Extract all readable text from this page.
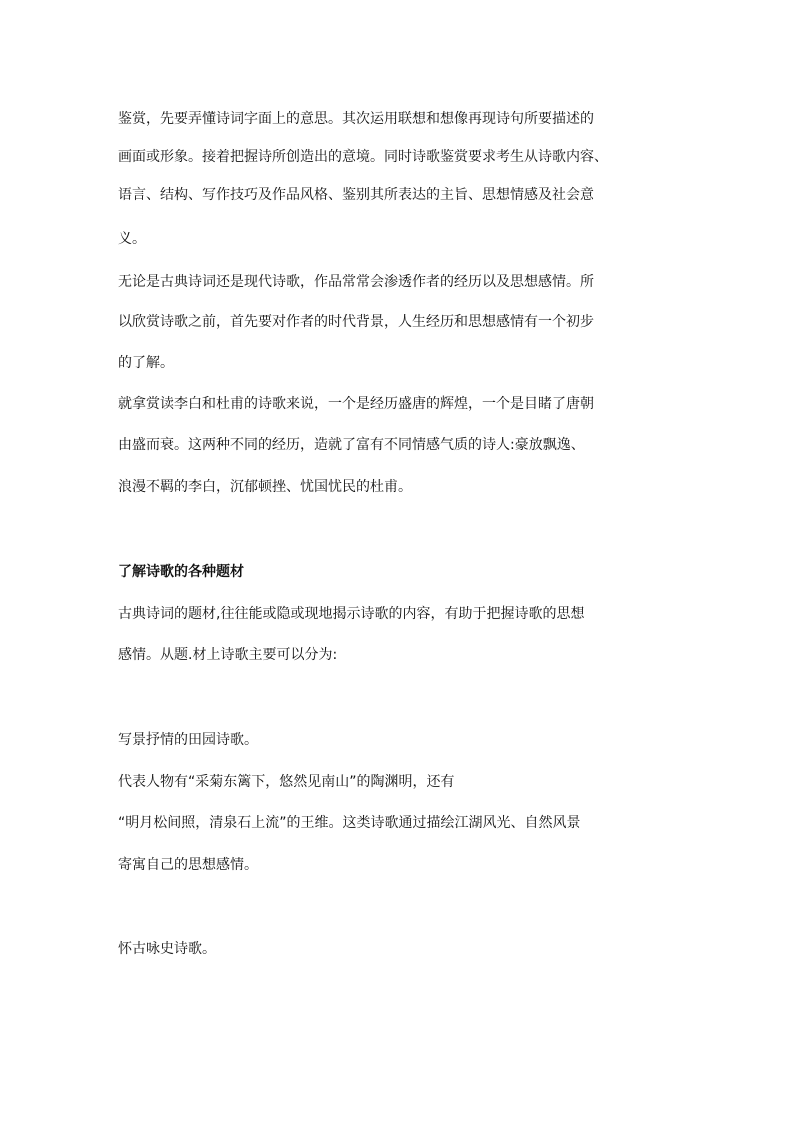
鉴赏，先要弄懂诗词字面上的意思。其次运用联想和想像再现诗句所要描述的
画面或形象。接着把握诗所创造出的意境。同时诗歌鉴赏要求考生从诗歌内容、
语言、结构、写作技巧及作品风格、鉴别其所表达的主旨、思想情感及社会意
义。
无论是古典诗词还是现代诗歌，作品常常会渗透作者的经历以及思想感情。所
以欣赏诗歌之前，首先要对作者的时代背景，人生经历和思想感情有一个初步
的了解。
就拿赏读李白和杜甫的诗歌来说，一个是经历盛唐的辉煌，一个是目睹了唐朝
由盛而衰。这两种不同的经历，造就了富有不同情感气质的诗人:豪放飘逸、
浪漫不羁的李白，沉郁顿挫、忧国忧民的杜甫。
了解诗歌的各种题材
古典诗词的题材,往往能或隐或现地揭示诗歌的内容，有助于把握诗歌的思想
感情。从题.材上诗歌主要可以分为:
写景抒情的田园诗歌。
代表人物有“采菊东篱下，悠然见南山”的陶渊明，还有
“明月松间照，清泉石上流”的王维。这类诗歌通过描绘江湖风光、自然风景
寄寓自己的思想感情。
怀古咏史诗歌。
